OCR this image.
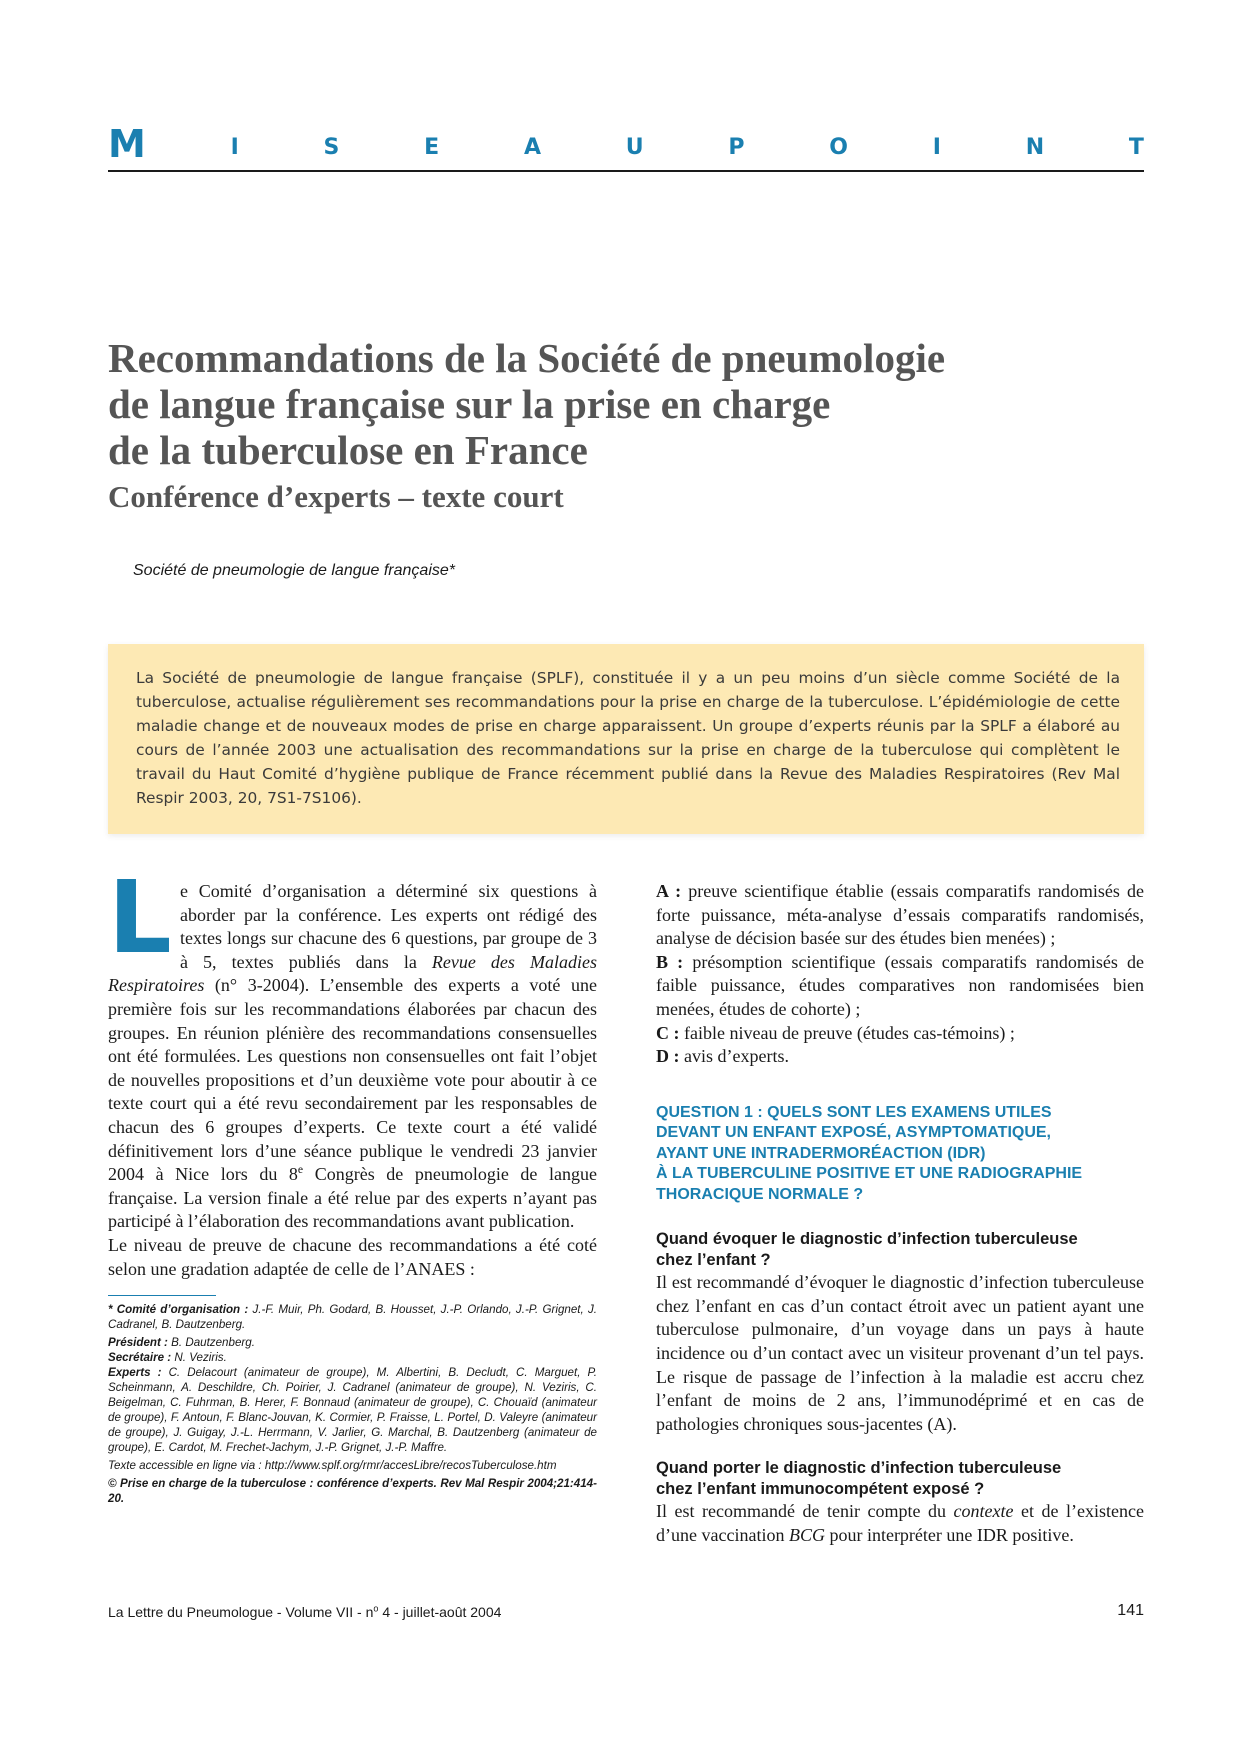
M	I	S	E	A	U	P	O	I	N	T
Recommandations de la Société de pneumologie
de langue française sur la prise en charge
de la tuberculose en France
Conférence d’experts – texte court
Société de pneumologie de langue française*

La Société de pneumologie de langue française (SPLF), constituée il y a un peu moins d’un siècle comme Société de la tuberculose, actualise régulièrement ses recommandations pour la prise en charge de la tuberculose. L’épidémiologie de cette maladie change et de nouveaux modes de prise en charge apparaissent. Un groupe d’experts réunis par la SPLF a élaboré au cours de l’année 2003 une actualisation des recommandations sur la prise en charge de la tuberculose qui complètent le travail du Haut Comité d’hygiène publique de France récemment publié dans la Revue des Maladies Respiratoires (Rev Mal Respir 2003, 20, 7S1-7S106).

Le Comité d’organisation a déterminé six questions à aborder par la conférence. Les experts ont rédigé des textes longs sur chacune des 6 questions, par groupe de 3 à 5, textes publiés dans la Revue des Maladies Respiratoires (n° 3-2004). L’ensemble des experts a voté une première fois sur les recommandations élaborées par chacun des groupes. En réunion plénière des recommandations consensuelles ont été formulées. Les questions non consensuelles ont fait l’objet de nouvelles propositions et d’un deuxième vote pour aboutir à ce texte court qui a été revu secondairement par les responsables de chacun des 6 groupes d’experts. Ce texte court a été validé définitivement lors d’une séance publique le vendredi 23 janvier 2004 à Nice lors du 8e Congrès de pneumologie de langue française. La version finale a été relue par des experts n’ayant pas participé à l’élaboration des recommandations avant publication.

Le niveau de preuve de chacune des recommandations a été coté selon une gradation adaptée de celle de l’ANAES :

* Comité d’organisation : J.-F. Muir, Ph. Godard, B. Housset, J.-P. Orlando, J.-P. Grignet, J. Cadranel, B. Dautzenberg.

Président : B. Dautzenberg.

Secrétaire : N. Veziris.

Experts : C. Delacourt (animateur de groupe), M. Albertini, B. Decludt, C. Marguet, P. Scheinmann, A. Deschildre, Ch. Poirier, J. Cadranel (animateur de groupe), N. Veziris, C. Beigelman, C. Fuhrman, B. Herer, F. Bonnaud (animateur de groupe), C. Chouaïd (animateur de groupe), F. Antoun, F. Blanc-Jouvan, K. Cormier, P. Fraisse, L. Portel, D. Valeyre (animateur de groupe), J. Guigay, J.-L. Herrmann, V. Jarlier, G. Marchal, B. Dautzenberg (animateur de groupe), E. Cardot, M. Frechet-Jachym, J.-P. Grignet, J.-P. Maffre.

Texte accessible en ligne via : http://www.splf.org/rmr/accesLibre/recosTuberculose.htm

© Prise en charge de la tuberculose : conférence d’experts. Rev Mal Respir 2004;21:414-20.

A : preuve scientifique établie (essais comparatifs randomisés de forte puissance, méta-analyse d’essais comparatifs randomisés, analyse de décision basée sur des études bien menées) ;

B : présomption scientifique (essais comparatifs randomisés de faible puissance, études comparatives non randomisées bien menées, études de cohorte) ;

C : faible niveau de preuve (études cas-témoins) ;

D : avis d’experts.

QUESTION 1 : QUELS SONT LES EXAMENS UTILES
DEVANT UN ENFANT EXPOSÉ, ASYMPTOMATIQUE,
AYANT UNE INTRADERMORÉACTION (IDR)
À LA TUBERCULINE POSITIVE ET UNE RADIOGRAPHIE
THORACIQUE NORMALE ?
Quand évoquer le diagnostic d’infection tuberculeuse
chez l’enfant ?

Il est recommandé d’évoquer le diagnostic d’infection tuberculeuse chez l’enfant en cas d’un contact étroit avec un patient ayant une tuberculose pulmonaire, d’un voyage dans un pays à haute incidence ou d’un contact avec un visiteur provenant d’un tel pays. Le risque de passage de l’infection à la maladie est accru chez l’enfant de moins de 2 ans, l’immunodéprimé et en cas de pathologies chroniques sous-jacentes (A).

Quand porter le diagnostic d’infection tuberculeuse
chez l’enfant immunocompétent exposé ?

Il est recommandé de tenir compte du contexte et de l’existence d’une vaccination BCG pour interpréter une IDR positive.

La Lettre du Pneumologue - Volume VII - $n^o$ 4 - juillet-août 2004	141
